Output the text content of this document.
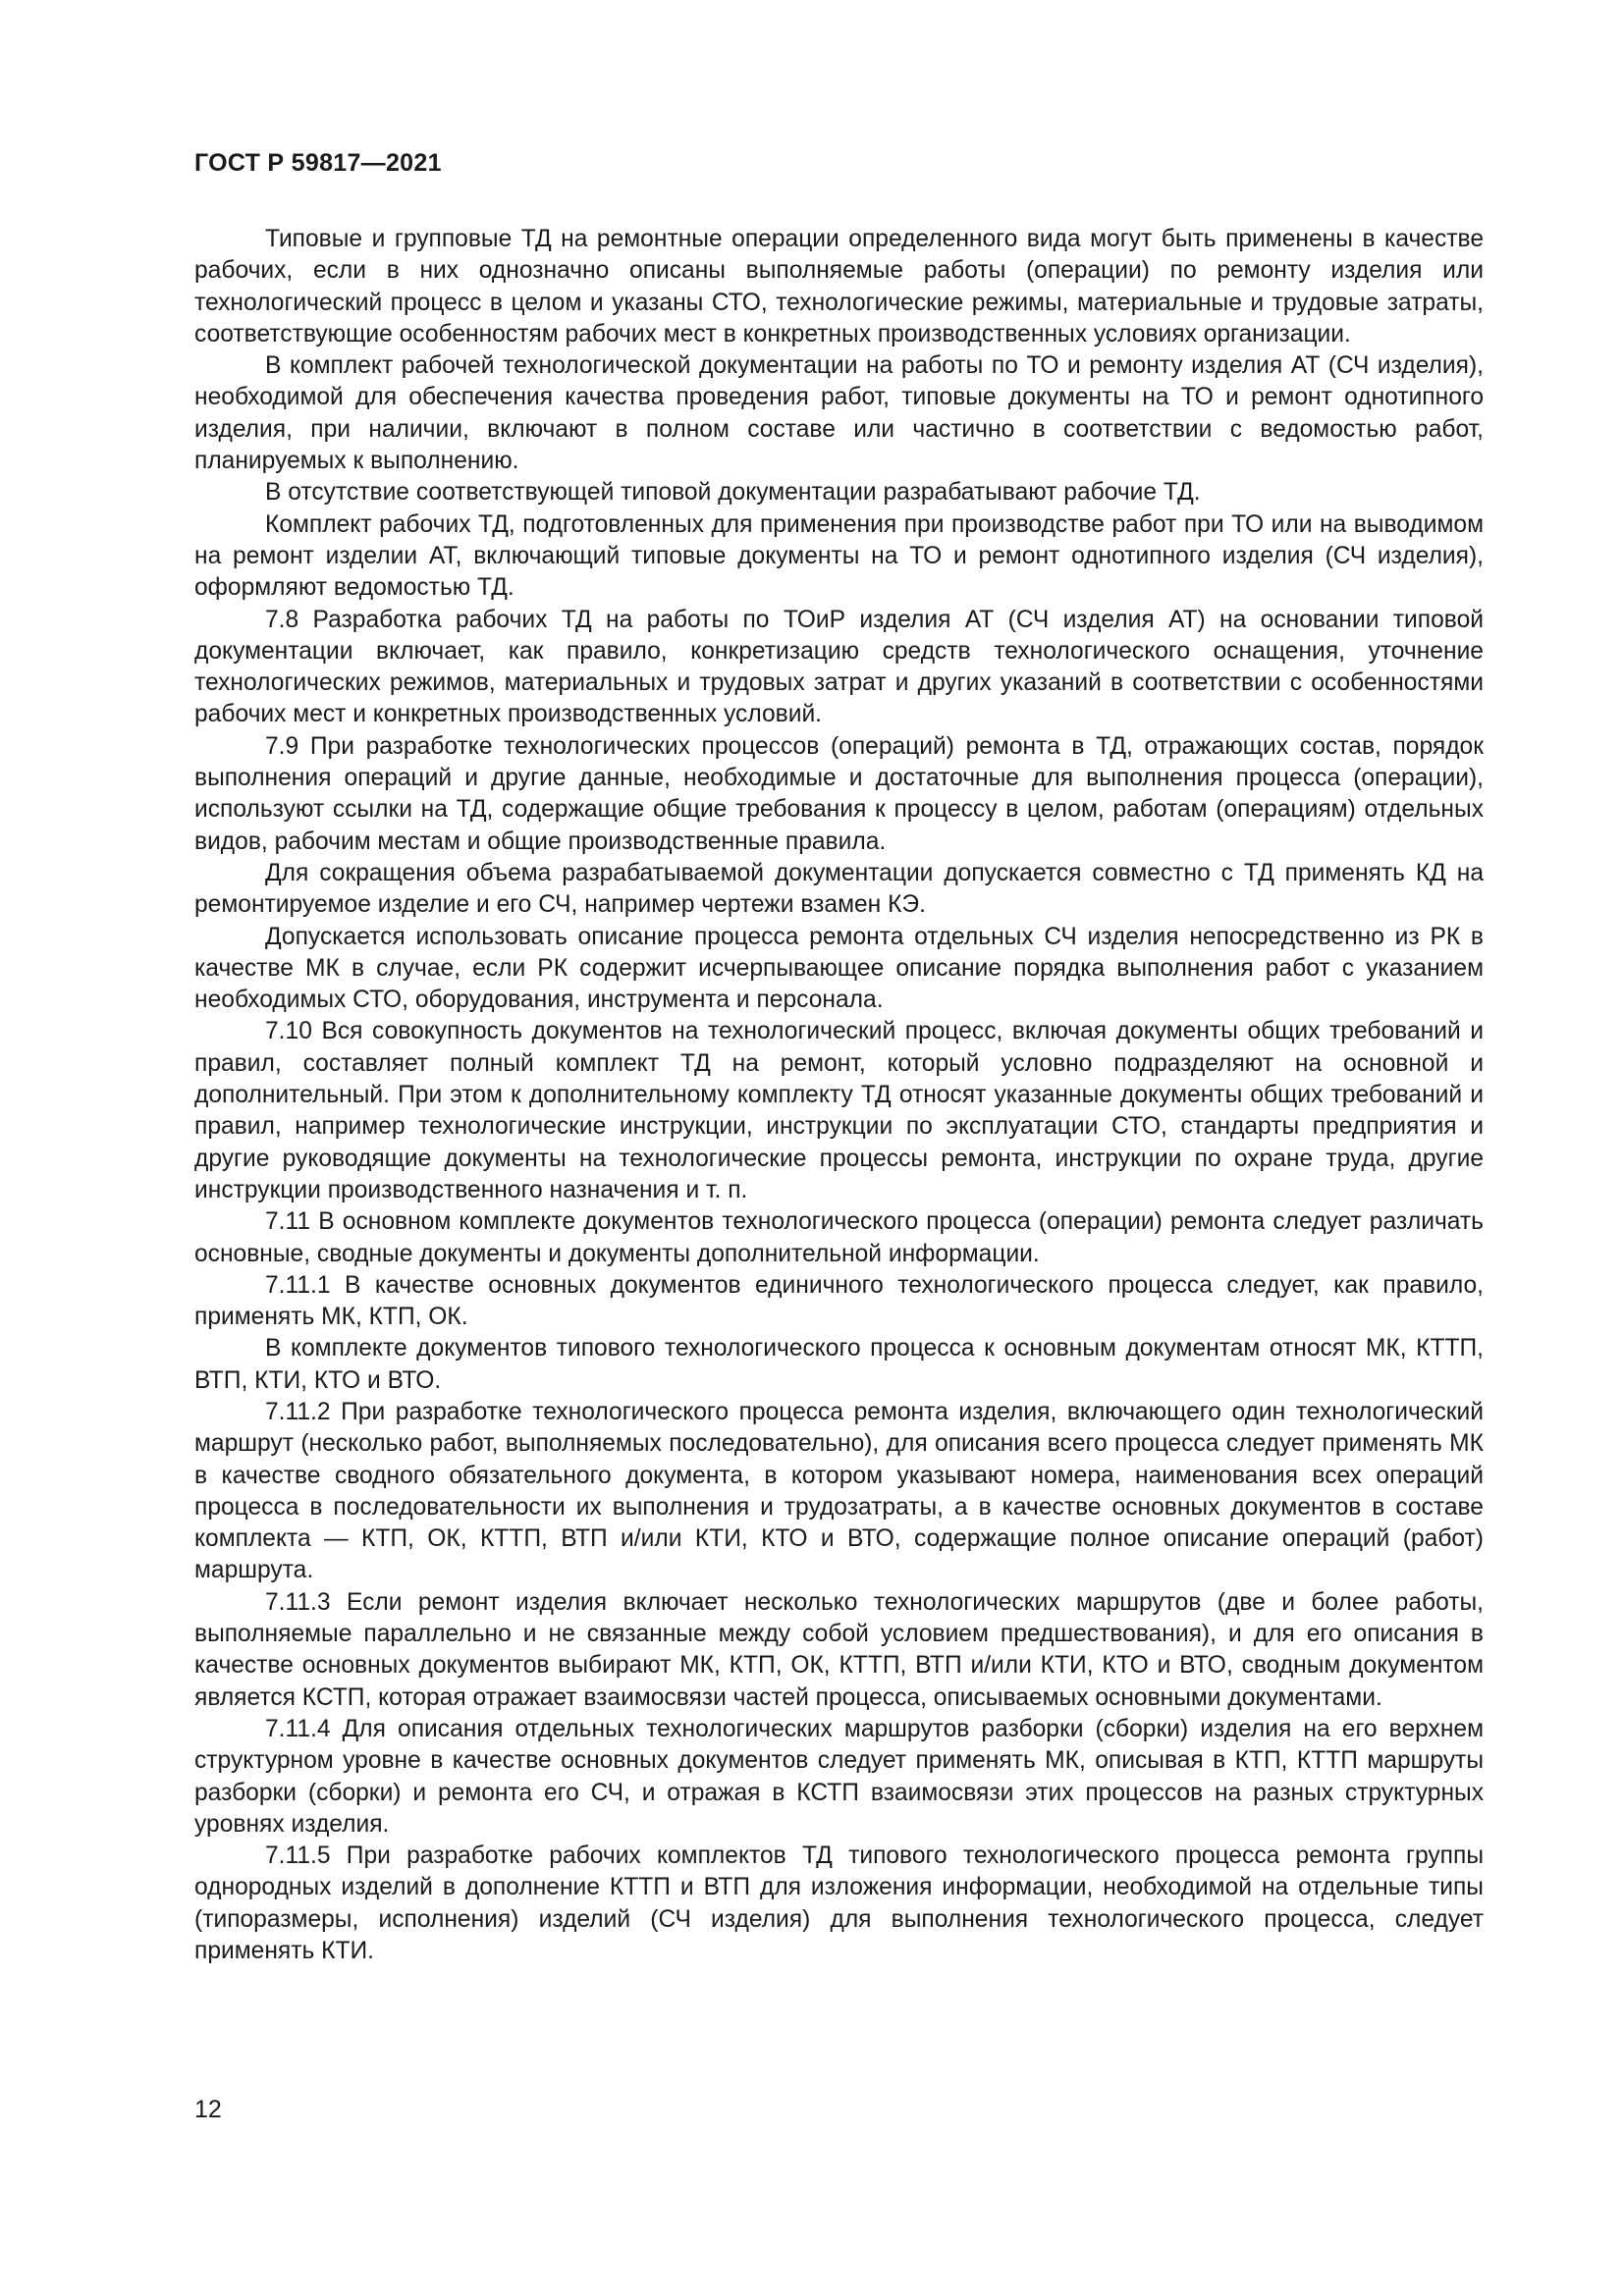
ГОСТ Р 59817—2021

Типовые и групповые ТД на ремонтные операции определенного вида могут быть применены в качестве рабочих, если в них однозначно описаны выполняемые работы (операции) по ремонту изделия или технологический процесс в целом и указаны СТО, технологические режимы, материальные и трудовые затраты, соответствующие особенностям рабочих мест в конкретных производственных условиях организации.

В комплект рабочей технологической документации на работы по ТО и ремонту изделия АТ (СЧ изделия), необходимой для обеспечения качества проведения работ, типовые документы на ТО и ремонт однотипного изделия, при наличии, включают в полном составе или частично в соответствии с ведомостью работ, планируемых к выполнению.

В отсутствие соответствующей типовой документации разрабатывают рабочие ТД.

Комплект рабочих ТД, подготовленных для применения при производстве работ при ТО или на выводимом на ремонт изделии АТ, включающий типовые документы на ТО и ремонт однотипного изделия (СЧ изделия), оформляют ведомостью ТД.

7.8 Разработка рабочих ТД на работы по ТОиР изделия АТ (СЧ изделия АТ) на основании типовой документации включает, как правило, конкретизацию средств технологического оснащения, уточнение технологических режимов, материальных и трудовых затрат и других указаний в соответствии с особенностями рабочих мест и конкретных производственных условий.

7.9 При разработке технологических процессов (операций) ремонта в ТД, отражающих состав, порядок выполнения операций и другие данные, необходимые и достаточные для выполнения процесса (операции), используют ссылки на ТД, содержащие общие требования к процессу в целом, работам (операциям) отдельных видов, рабочим местам и общие производственные правила.

Для сокращения объема разрабатываемой документации допускается совместно с ТД применять КД на ремонтируемое изделие и его СЧ, например чертежи взамен КЭ.

Допускается использовать описание процесса ремонта отдельных СЧ изделия непосредственно из РК в качестве МК в случае, если РК содержит исчерпывающее описание порядка выполнения работ с указанием необходимых СТО, оборудования, инструмента и персонала.

7.10 Вся совокупность документов на технологический процесс, включая документы общих требований и правил, составляет полный комплект ТД на ремонт, который условно подразделяют на основной и дополнительный. При этом к дополнительному комплекту ТД относят указанные документы общих требований и правил, например технологические инструкции, инструкции по эксплуатации СТО, стандарты предприятия и другие руководящие документы на технологические процессы ремонта, инструкции по охране труда, другие инструкции производственного назначения и т. п.

7.11 В основном комплекте документов технологического процесса (операции) ремонта следует различать основные, сводные документы и документы дополнительной информации.

7.11.1 В качестве основных документов единичного технологического процесса следует, как правило, применять МК, КТП, ОК.

В комплекте документов типового технологического процесса к основным документам относят МК, КТТП, ВТП, КТИ, КТО и ВТО.

7.11.2 При разработке технологического процесса ремонта изделия, включающего один технологический маршрут (несколько работ, выполняемых последовательно), для описания всего процесса следует применять МК в качестве сводного обязательного документа, в котором указывают номера, наименования всех операций процесса в последовательности их выполнения и трудозатраты, а в качестве основных документов в составе комплекта — КТП, ОК, КТТП, ВТП и/или КТИ, КТО и ВТО, содержащие полное описание операций (работ) маршрута.

7.11.3 Если ремонт изделия включает несколько технологических маршрутов (две и более работы, выполняемые параллельно и не связанные между собой условием предшествования), и для его описания в качестве основных документов выбирают МК, КТП, ОК, КТТП, ВТП и/или КТИ, КТО и ВТО, сводным документом является КСТП, которая отражает взаимосвязи частей процесса, описываемых основными документами.

7.11.4 Для описания отдельных технологических маршрутов разборки (сборки) изделия на его верхнем структурном уровне в качестве основных документов следует применять МК, описывая в КТП, КТТП маршруты разборки (сборки) и ремонта его СЧ, и отражая в КСТП взаимосвязи этих процессов на разных структурных уровнях изделия.

7.11.5 При разработке рабочих комплектов ТД типового технологического процесса ремонта группы однородных изделий в дополнение КТТП и ВТП для изложения информации, необходимой на отдельные типы (типоразмеры, исполнения) изделий (СЧ изделия) для выполнения технологического процесса, следует применять КТИ.

12
